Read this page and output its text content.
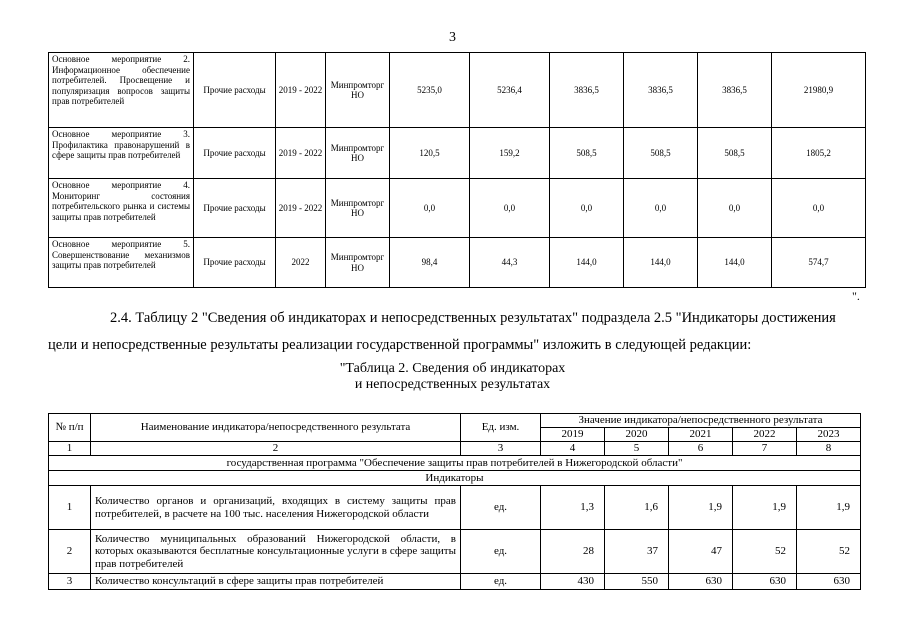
3
Основное мероприятие 2. Информационное обеспечение потребителей. Просвещение и популяризация вопросов защиты прав потребителей	Прочие расходы	2019 - 2022	Минпромторг НО	5235,0	5236,4	3836,5	3836,5	3836,5	21980,9
Основное мероприятие 3. Профилактика правонарушений в сфере защиты прав потребителей	Прочие расходы	2019 - 2022	Минпромторг НО	120,5	159,2	508,5	508,5	508,5	1805,2
Основное мероприятие 4. Мониторинг состояния потребительского рынка и системы защиты прав потребителей	Прочие расходы	2019 - 2022	Минпромторг НО	0,0	0,0	0,0	0,0	0,0	0,0
Основное мероприятие 5. Совершенствование механизмов защиты прав потребителей	Прочие расходы	2022	Минпромторг НО	98,4	44,3	144,0	144,0	144,0	574,7
".
2.4. Таблицу 2 "Сведения об индикаторах и непосредственных результатах" подраздела 2.5 "Индикаторы достижения
цели и непосредственные результаты реализации государственной программы" изложить в следующей редакции:
"Таблица 2. Сведения об индикаторах
и непосредственных результатах
№ п/п	Наименование индикатора/непосредственного результата	Ед. изм.	Значение индикатора/непосредственного результата				
			2019	2020	2021	2022	2023
1	2	3	4	5	6	7	8
государственная программа "Обеспечение защиты прав потребителей в Нижегородской области"							
Индикаторы							
1	Количество органов и организаций, входящих в систему защиты прав потребителей, в расчете на 100 тыс. населения Нижегородской области	ед.	1,3	1,6	1,9	1,9	1,9
2	Количество муниципальных образований Нижегородской области, в которых оказываются бесплатные консультационные услуги в сфере защиты прав потребителей	ед.	28	37	47	52	52
3	Количество консультаций в сфере защиты прав потребителей	ед.	430	550	630	630	630
